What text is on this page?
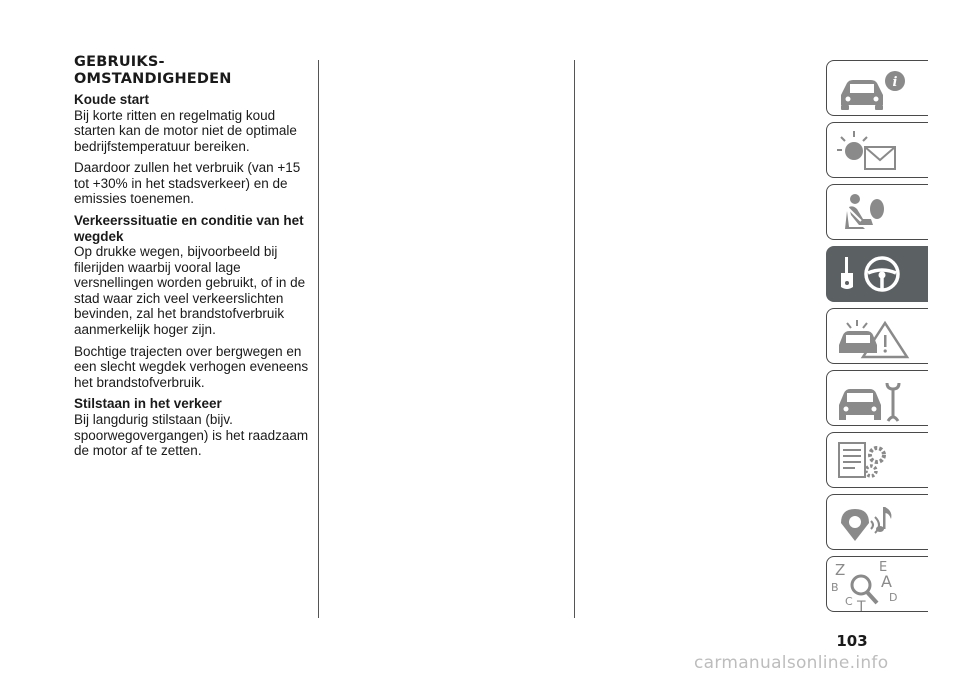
GEBRUIKS-
OMSTANDIGHEDEN

Koude start

Bij korte ritten en regelmatig koud starten kan de motor niet de optimale bedrijfstemperatuur bereiken.

Daardoor zullen het verbruik (van +15 tot +30% in het stadsverkeer) en de emissies toenemen.

Verkeerssituatie en conditie van het wegdek

Op drukke wegen, bijvoorbeeld bij filerijden waarbij vooral lage versnellingen worden gebruikt, of in de stad waar zich veel verkeerslichten bevinden, zal het brandstofverbruik aanmerkelijk hoger zijn.

Bochtige trajecten over bergwegen en een slecht wegdek verhogen eveneens het brandstofverbruik.

Stilstaan in het verkeer

Bij langdurig stilstaan (bijv. spoorwegovergangen) is het raadzaam de motor af te zetten.

i
Z	E
A
B
C	D
T
103
carmanualsonline.info
